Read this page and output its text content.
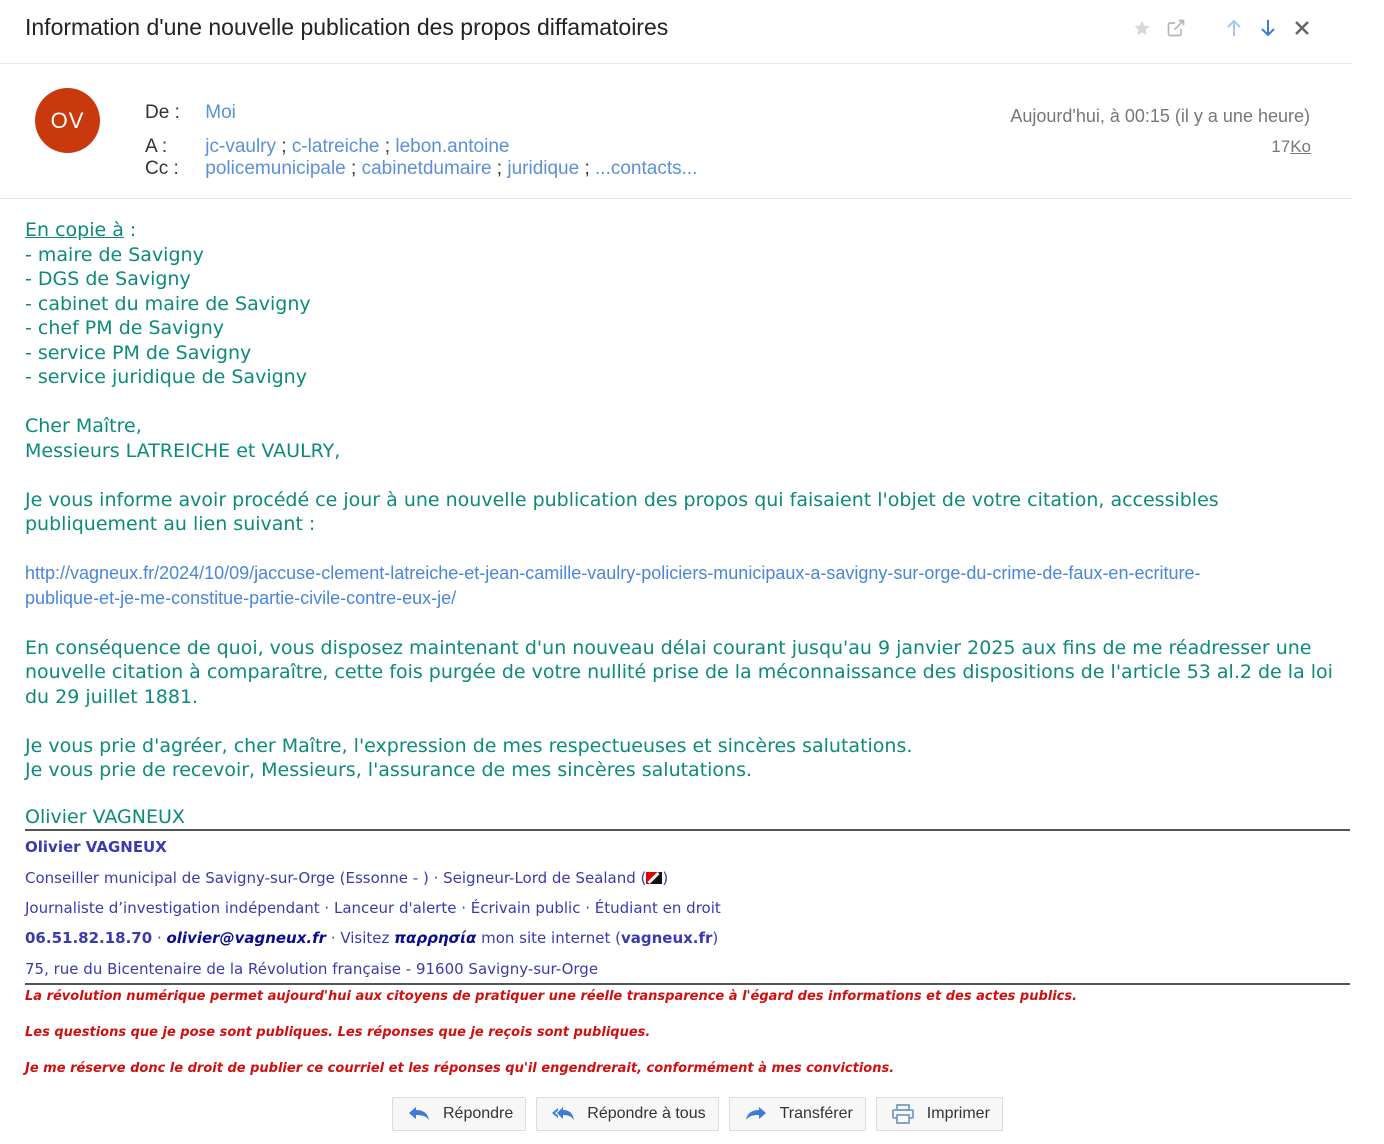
Information d'une nouvelle publication des propos diffamatoires
OV	De : Moi
A : jc-vaulry ; c-latreiche ; lebon.antoine
Cc : policemunicipale ; cabinetdumaire ; juridique ; ...contacts...
Aujourd'hui, à 00:15 (il y a une heure)
17Ko

En copie à :

- maire de Savigny
- DGS de Savigny
- cabinet du maire de Savigny
- chef PM de Savigny
- service PM de Savigny
- service juridique de Savigny

Cher Maître,
Messieurs LATREICHE et VAULRY,

Je vous informe avoir procédé ce jour à une nouvelle publication des propos qui faisaient l'objet de votre citation, accessibles publiquement au lien suivant :

http://vagneux.fr/2024/10/09/jaccuse-clement-latreiche-et-jean-camille-vaulry-policiers-municipaux-a-savigny-sur-orge-du-crime-de-faux-en-ecriture-
publique-et-je-me-constitue-partie-civile-contre-eux-je/

En conséquence de quoi, vous disposez maintenant d'un nouveau délai courant jusqu'au 9 janvier 2025 aux fins de me réadresser une nouvelle citation à comparaître, cette fois purgée de votre nullité prise de la méconnaissance des dispositions de l'article 53 al.2 de la loi du 29 juillet 1881.

Je vous prie d'agréer, cher Maître, l'expression de mes respectueuses et sincères salutations.
Je vous prie de recevoir, Messieurs, l'assurance de mes sincères salutations.

Olivier VAGNEUX
Olivier VAGNEUX
Conseiller municipal de Savigny-sur-Orge (Essonne - ) · Seigneur-Lord de Sealand ( )
Journaliste d’investigation indépendant · Lanceur d'alerte · Écrivain public · Étudiant en droit
06.51.82.18.70 · olivier@vagneux.fr · Visitez παρρησία mon site internet (vagneux.fr)
75, rue du Bicentenaire de la Révolution française - 91600 Savigny-sur-Orge
La révolution numérique permet aujourd'hui aux citoyens de pratiquer une réelle transparence à l'égard des informations et des actes publics.
Les questions que je pose sont publiques. Les réponses que je reçois sont publiques.
Je me réserve donc le droit de publier ce courriel et les réponses qu'il engendrerait, conformément à mes convictions.
Répondre	Répondre à tous	Transférer	Imprimer
